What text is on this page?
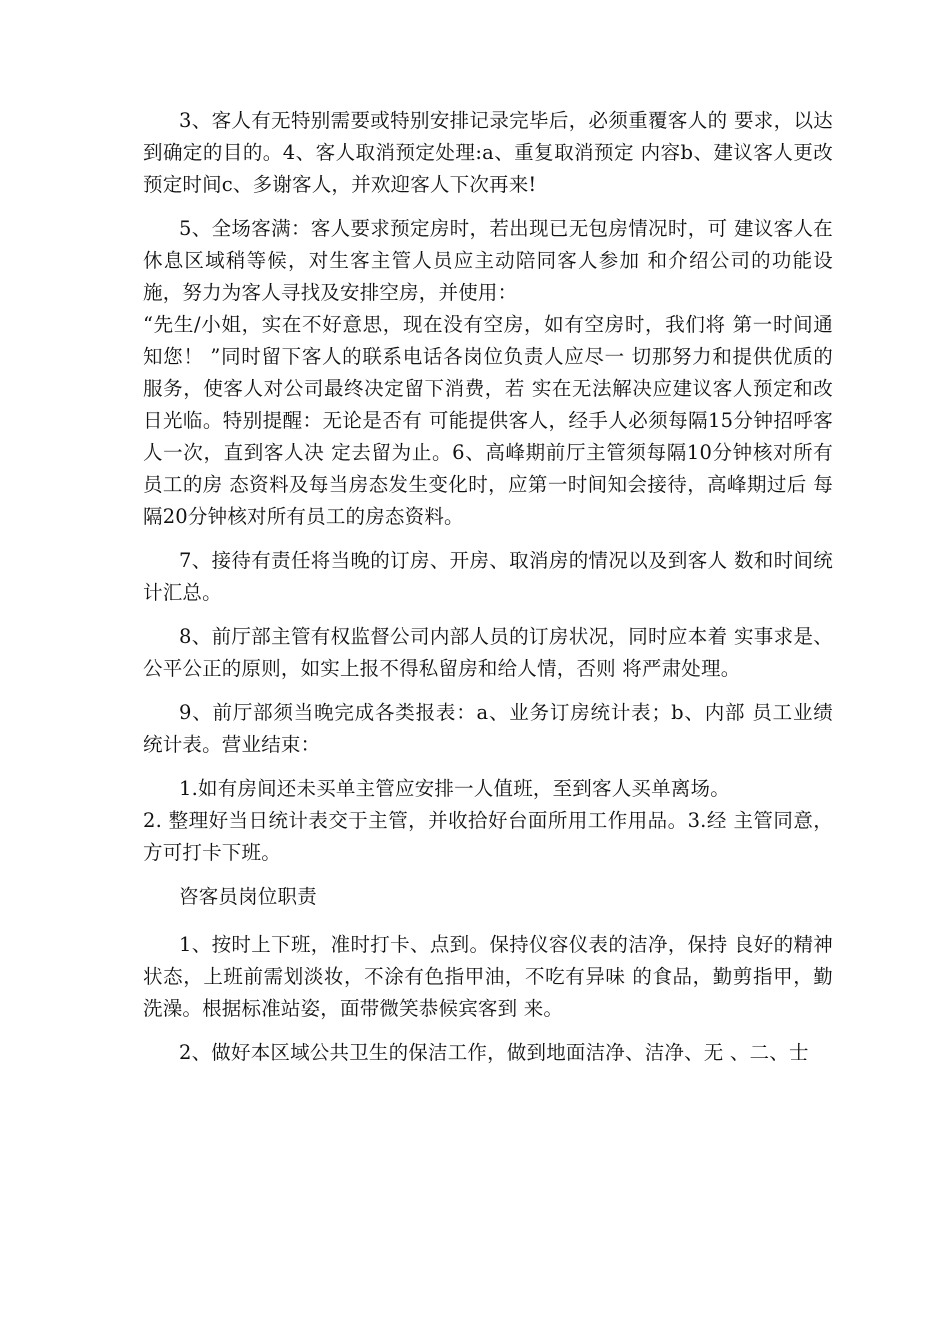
3、客人有无特别需要或特别安排记录完毕后，必须重覆客人的 要求，以达到确定的目的。4、客人取消预定处理:a、重复取消预定 内容b、建议客人更改预定时间c、多谢客人，并欢迎客人下次再来!

5、全场客满：客人要求预定房时，若出现已无包房情况时，可 建议客人在休息区域稍等候，对生客主管人员应主动陪同客人参加 和介绍公司的功能设施，努力为客人寻找及安排空房，并使用：

“先生/小姐，实在不好意思，现在没有空房，如有空房时，我们将 第一时间通知您！ ”同时留下客人的联系电话各岗位负责人应尽一 切那努力和提供优质的服务，使客人对公司最终决定留下消费，若 实在无法解决应建议客人预定和改日光临。特别提醒：无论是否有 可能提供客人，经手人必须每隔15分钟招呼客人一次，直到客人决 定去留为止。6、高峰期前厅主管须每隔10分钟核对所有员工的房 态资料及每当房态发生变化时，应第一时间知会接待，高峰期过后 每隔20分钟核对所有员工的房态资料。

7、接待有责任将当晚的订房、开房、取消房的情况以及到客人 数和时间统计汇总。

8、前厅部主管有权监督公司内部人员的订房状况，同时应本着 实事求是、公平公正的原则，如实上报不得私留房和给人情，否则 将严肃处理。

9、前厅部须当晚完成各类报表：a、业务订房统计表；b、内部 员工业绩统计表。营业结束：

1.如有房间还未买单主管应安排一人值班，至到客人买单离场。

2. 整理好当日统计表交于主管，并收拾好台面所用工作用品。3.经 主管同意，方可打卡下班。

咨客员岗位职责

1、按时上下班，准时打卡、点到。保持仪容仪表的洁净，保持 良好的精神状态，上班前需划淡妆，不涂有色指甲油，不吃有异味 的食品，勤剪指甲，勤洗澡。根据标准站姿，面带微笑恭候宾客到 来。

2、做好本区域公共卫生的保洁工作，做到地面洁净、洁净、无 、二、士
